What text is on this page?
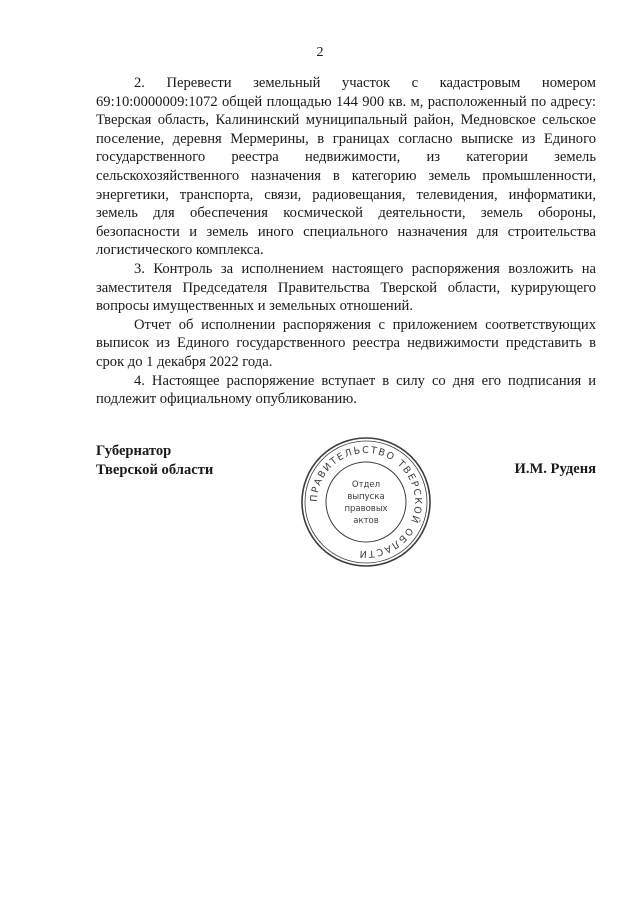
2

2. Перевести земельный участок с кадастровым номером 69:10:0000009:1072 общей площадью 144 900 кв. м, расположенный по адресу: Тверская область, Калининский муниципальный район, Медновское сельское поселение, деревня Мермерины, в границах согласно выписке из Единого государственного реестра недвижимости, из категории земель сельскохозяйственного назначения в категорию земель промышленности, энергетики, транспорта, связи, радиовещания, телевидения, информатики, земель для обеспечения космической деятельности, земель обороны, безопасности и земель иного специального назначения для строительства логистического комплекса.

3. Контроль за исполнением настоящего распоряжения возложить на заместителя Председателя Правительства Тверской области, курирующего вопросы имущественных и земельных отношений.

Отчет об исполнении распоряжения с приложением соответствующих выписок из Единого государственного реестра недвижимости представить в срок до 1 декабря 2022 года.

4. Настоящее распоряжение вступает в силу со дня его подписания и подлежит официальному опубликованию.

Губернатор
Тверской области
ПРАВИТЕЛЬСТВО ТВЕРСКОЙ ОБЛАСТИ
Отдел
выпуска
правовых
актов
И.М. Руденя
